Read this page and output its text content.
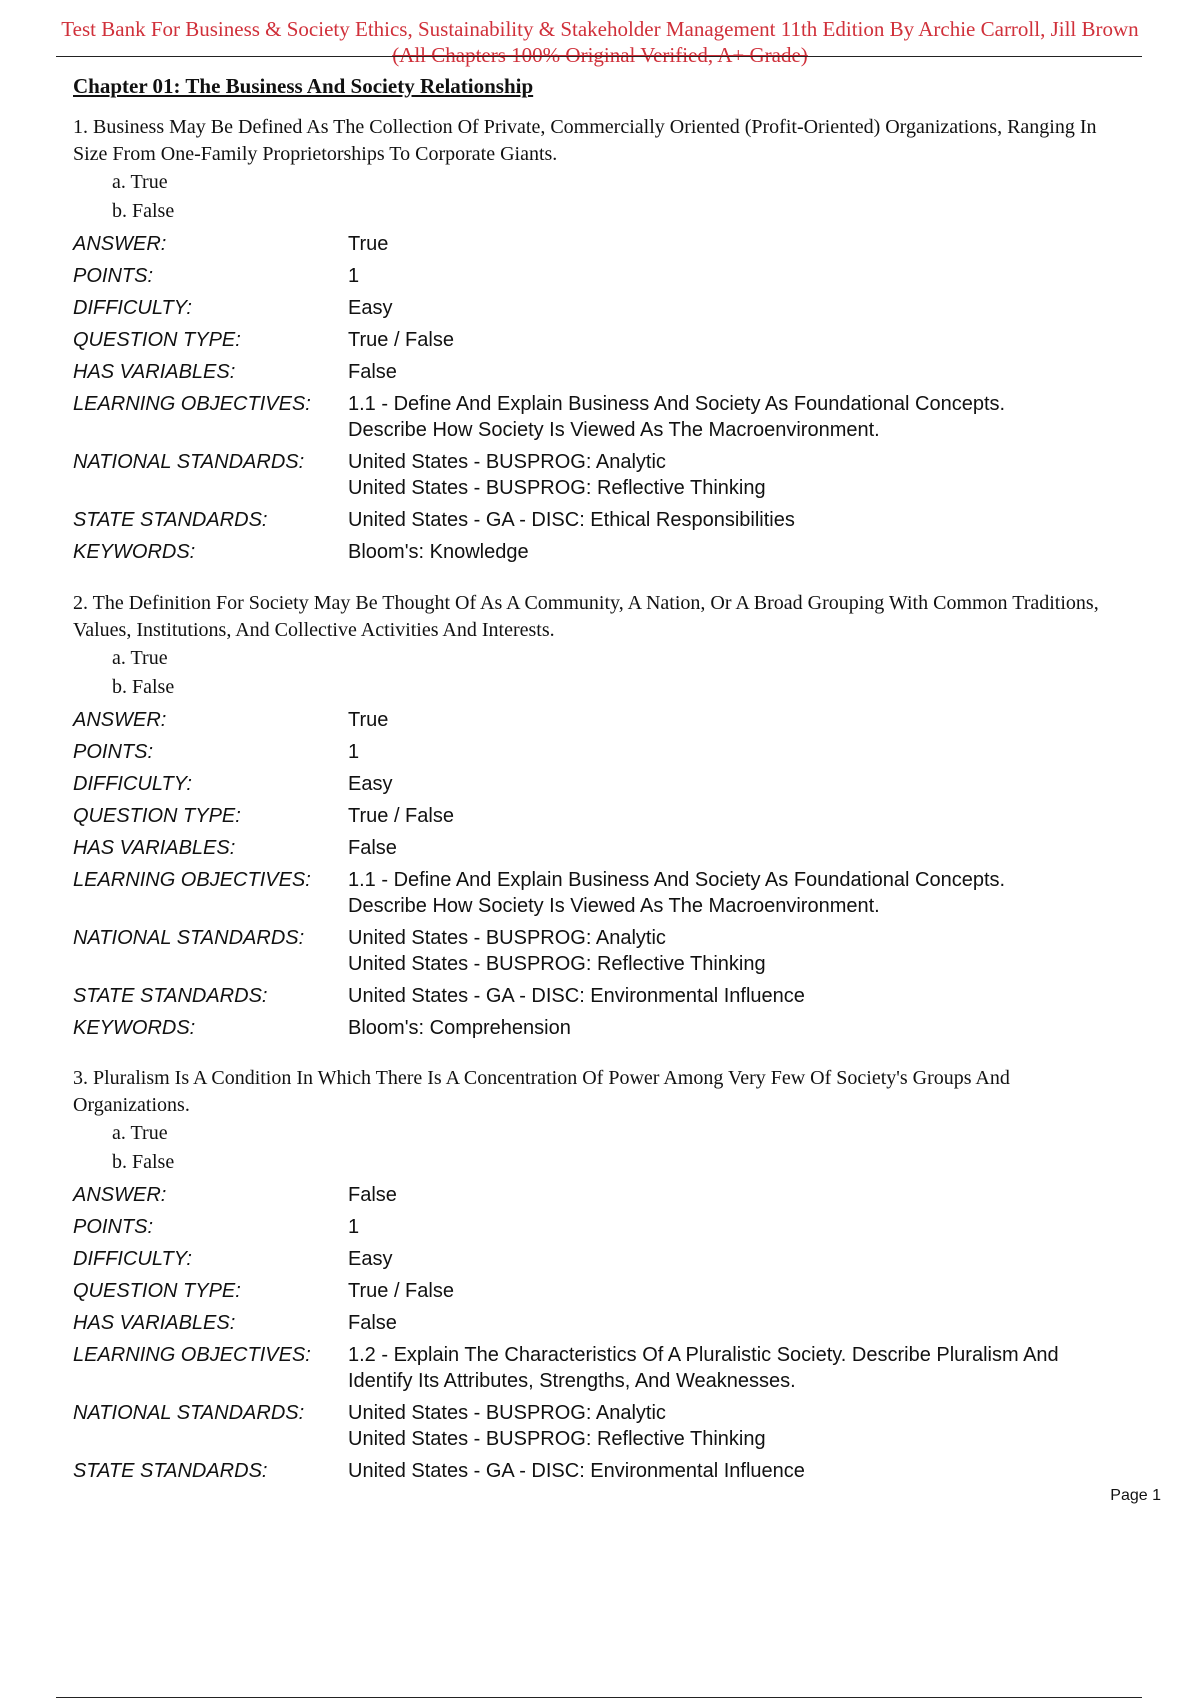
Test Bank For Business & Society Ethics, Sustainability & Stakeholder Management 11th Edition By Archie Carroll, Jill Brown
(All Chapters 100% Original Verified, A+ Grade)
Chapter 01: The Business And Society Relationship

1. Business May Be Defined As The Collection Of Private, Commercially Oriented (Profit-Oriented) Organizations, Ranging In Size From One-Family Proprietorships To Corporate Giants.

a. True
b. False
ANSWER:	True
POINTS:	1
DIFFICULTY:	Easy
QUESTION TYPE:	True / False
HAS VARIABLES:	False
LEARNING OBJECTIVES:	1.1 - Define And Explain Business And Society As Foundational Concepts.
Describe How Society Is Viewed As The Macroenvironment.
NATIONAL STANDARDS:	United States - BUSPROG: Analytic
United States - BUSPROG: Reflective Thinking
STATE STANDARDS:	United States - GA - DISC: Ethical Responsibilities
KEYWORDS:	Bloom's: Knowledge

2. The Definition For Society May Be Thought Of As A Community, A Nation, Or A Broad Grouping With Common Traditions, Values, Institutions, And Collective Activities And Interests.

a. True
b. False
ANSWER:	True
POINTS:	1
DIFFICULTY:	Easy
QUESTION TYPE:	True / False
HAS VARIABLES:	False
LEARNING OBJECTIVES:	1.1 - Define And Explain Business And Society As Foundational Concepts.
Describe How Society Is Viewed As The Macroenvironment.
NATIONAL STANDARDS:	United States - BUSPROG: Analytic
United States - BUSPROG: Reflective Thinking
STATE STANDARDS:	United States - GA - DISC: Environmental Influence
KEYWORDS:	Bloom's: Comprehension

3. Pluralism Is A Condition In Which There Is A Concentration Of Power Among Very Few Of Society's Groups And Organizations.

a. True
b. False
ANSWER:	False
POINTS:	1
DIFFICULTY:	Easy
QUESTION TYPE:	True / False
HAS VARIABLES:	False
LEARNING OBJECTIVES:	1.2 - Explain The Characteristics Of A Pluralistic Society. Describe Pluralism And
Identify Its Attributes, Strengths, And Weaknesses.
NATIONAL STANDARDS:	United States - BUSPROG: Analytic
United States - BUSPROG: Reflective Thinking
STATE STANDARDS:	United States - GA - DISC: Environmental Influence
Page 1
